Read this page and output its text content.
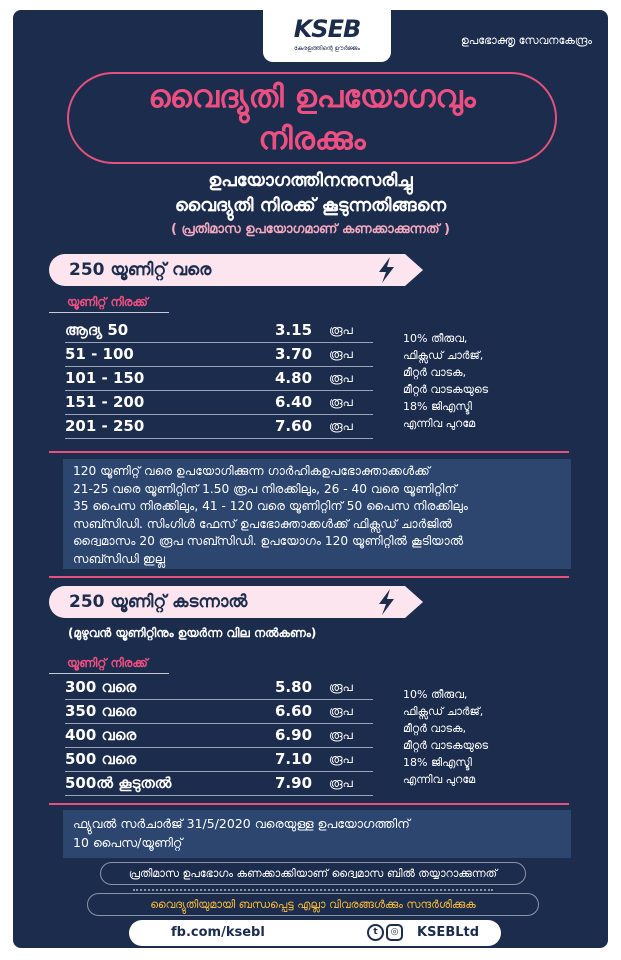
KSEB
കേരളത്തിന്റെ ഊർജ്ജം
ഉപഭോക്തൃ സേവനകേന്ദ്രം
വൈദ്യുതി ഉപയോഗവും
നിരക്കും
ഉപയോഗത്തിനനുസരിച്ചു
വൈദ്യുതി നിരക്ക് കൂടുന്നതിങ്ങനെ
( പ്രതിമാസ ഉപയോഗമാണ് കണക്കാക്കുന്നത് )
250 യൂണിറ്റ് വരെ
യൂണിറ്റ് നിരക്ക്
ആദ്യ 50	3.15 രൂപ
51 - 100	3.70 രൂപ
101 - 150	4.80 രൂപ
151 - 200	6.40 രൂപ
201 - 250	7.60 രൂപ
10% തീരുവ,
ഫിക്സഡ് ചാർജ്,
മീറ്റർ വാടക,
മീറ്റർ വാടകയുടെ
18% ജിഎസ്ടി
എന്നിവ പുറമേ
120 യൂണിറ്റ് വരെ ഉപയോഗിക്കുന്ന ഗാർഹികഉപഭോക്താക്കൾക്ക്
21-25 വരെ യൂണിറ്റിന് 1.50 രൂപ നിരക്കിലും, 26 - 40 വരെ യൂണിറ്റിന്
35 പൈസ നിരക്കിലും, 41 - 120 വരെ യൂണിറ്റിന് 50 പൈസ നിരക്കിലും
സബ്സിഡി. സിംഗിൾ ഫേസ് ഉപഭോക്താക്കൾക്ക് ഫിക്സഡ് ചാർജിൽ
ദ്വൈമാസം 20 രൂപ സബ്സിഡി. ഉപയോഗം 120 യൂണിറ്റിൽ കൂടിയാൽ
സബ്സിഡി ഇല്ല
250 യൂണിറ്റ് കടന്നാൽ
(മുഴുവൻ യൂണിറ്റിനും ഉയർന്ന വില നൽകണം)
യൂണിറ്റ് നിരക്ക്
300 വരെ	5.80 രൂപ
350 വരെ	6.60 രൂപ
400 വരെ	6.90 രൂപ
500 വരെ	7.10 രൂപ
500ൽ കൂടുതൽ	7.90 രൂപ
10% തീരുവ,
ഫിക്സഡ് ചാർജ്,
മീറ്റർ വാടക,
മീറ്റർ വാടകയുടെ
18% ജിഎസ്ടി
എന്നിവ പുറമേ
ഫ്യുവൽ സർചാർജ് 31/5/2020 വരെയുള്ള ഉപയോഗത്തിന്
10 പൈസ/യൂണിറ്റ്
പ്രതിമാസ ഉപഭോഗം കണക്കാക്കിയാണ് ദ്വൈമാസ ബിൽ തയ്യാറാക്കുന്നത്
വൈദ്യുതിയുമായി ബന്ധപ്പെട്ട എല്ലാ വിവരങ്ങൾക്കും സന്ദർശിക്കുക
fb.com/ksebl	t ◎	KSEBLtd
